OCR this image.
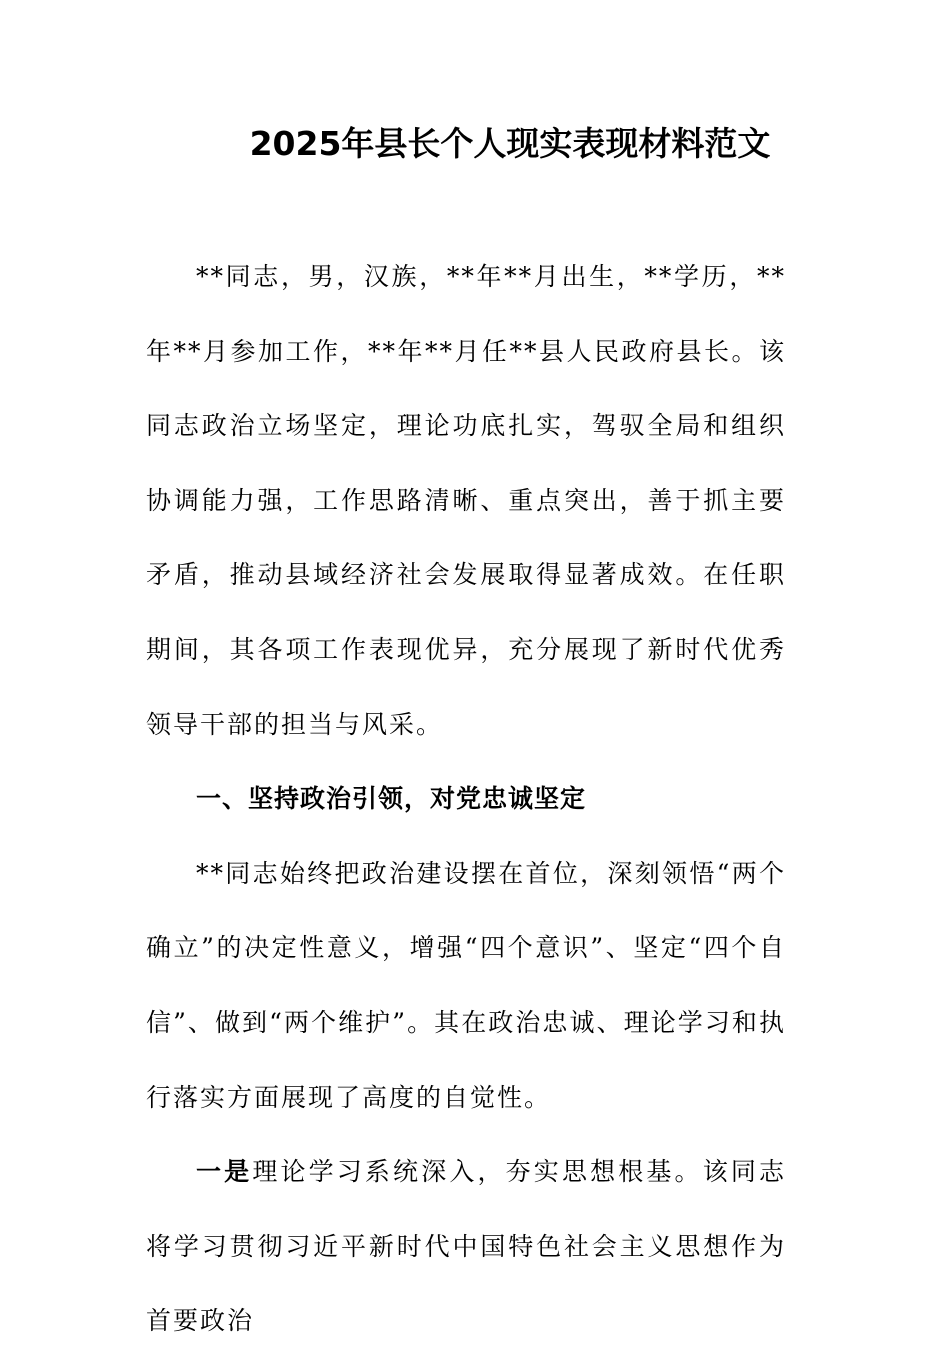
2025年县长个人现实表现材料范文

**同志，男，汉族，**年**月出生，**学历，**年**月参加工作，**年**月任**县人民政府县长。该同志政治立场坚定，理论功底扎实，驾驭全局和组织协调能力强，工作思路清晰、重点突出，善于抓主要矛盾，推动县域经济社会发展取得显著成效。在任职期间，其各项工作表现优异，充分展现了新时代优秀领导干部的担当与风采。

一、坚持政治引领，对党忠诚坚定

**同志始终把政治建设摆在首位，深刻领悟“两个确立”的决定性意义，增强“四个意识”、坚定“四个自信”、做到“两个维护”。其在政治忠诚、理论学习和执行落实方面展现了高度的自觉性。

一是理论学习系统深入，夯实思想根基。该同志将学习贯彻习近平新时代中国特色社会主义思想作为首要政治
